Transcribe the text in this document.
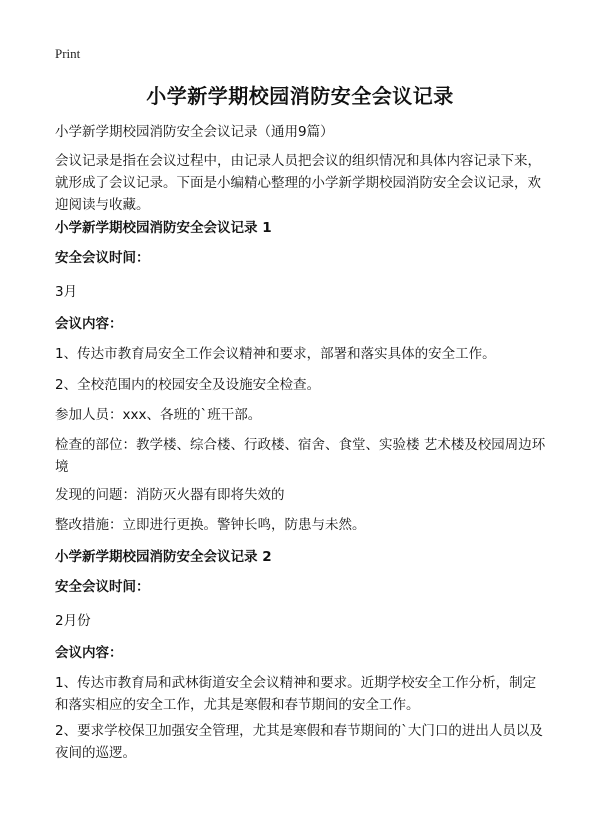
Print
小学新学期校园消防安全会议记录
小学新学期校园消防安全会议记录（通用9篇）
会议记录是指在会议过程中，由记录人员把会议的组织情况和具体内容记录下来，就形成了会议记录。下面是小编精心整理的小学新学期校园消防安全会议记录，欢迎阅读与收藏。
小学新学期校园消防安全会议记录 1
安全会议时间：
3月
会议内容：
1、传达市教育局安全工作会议精神和要求，部署和落实具体的安全工作。
2、全校范围内的校园安全及设施安全检查。
参加人员：xxx、各班的`班干部。
检查的部位：教学楼、综合楼、行政楼、宿舍、食堂、实验楼 艺术楼及校园周边环境
发现的问题：消防灭火器有即将失效的
整改措施：立即进行更换。警钟长鸣，防患与未然。
小学新学期校园消防安全会议记录 2
安全会议时间：
2月份
会议内容：
1、传达市教育局和武林街道安全会议精神和要求。近期学校安全工作分析，制定和落实相应的安全工作，尤其是寒假和春节期间的安全工作。
2、要求学校保卫加强安全管理，尤其是寒假和春节期间的`大门口的进出人员以及夜间的巡逻。
